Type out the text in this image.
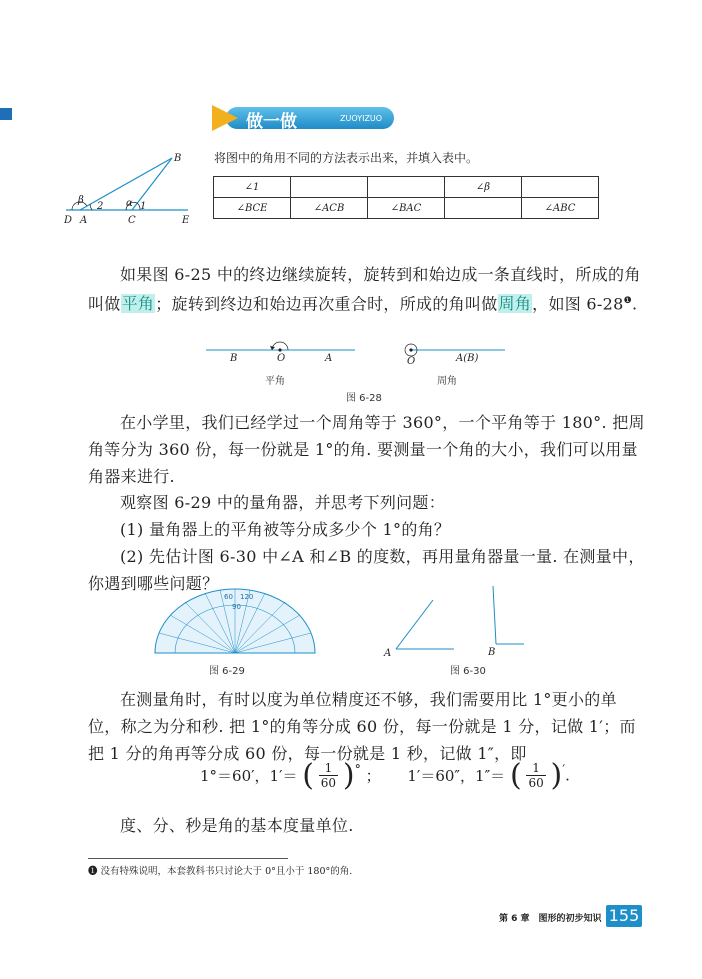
做一做	ZUOYIZUO
将图中的角用不同的方法表示出来，并填入表中。
B
D A	C	E
β
2 α 1
∠1			∠β	
∠BCE	∠ACB	∠BAC		∠ABC

如果图 6-25 中的终边继续旋转，旋转到和始边成一条直线时，所成的角叫做平角；旋转到终边和始边再次重合时，所成的角叫做周角，如图 $6-28^❶$.

B	O	A	O	A(B)
平角	周角
图 6-28

在小学里，我们已经学过一个周角等于 360°，一个平角等于 180°. 把周角等分为 360 份，每一份就是 1°的角. 要测量一个角的大小，我们可以用量角器来进行.

观察图 6-29 中的量角器，并思考下列问题：

(1) 量角器上的平角被等分成多少个 1°的角？

(2) 先估计图 6-30 中∠A 和∠B 的度数，再用量角器量一量. 在测量中，你遇到哪些问题？

60 120
90
图 6-29
A	B
图 6-30

在测量角时，有时以度为单位精度还不够，我们需要用比 1°更小的单位，称之为分和秒. 把 1°的角等分成 60 份，每一份就是 1 分，记做 1′；而把 1 分的角再等分成 60 份，每一份就是 1 秒，记做 1″，即

1°＝60′，1′＝ ( $\frac{1}{60} )^\circ$ ； 1′＝60″，1″＝ ( $\frac{1}{60} )'$.

度、分、秒是角的基本度量单位.

❶ 没有特殊说明，本套教科书只讨论大于 0°且小于 180°的角.
第 6 章　图形的初步知识 155
